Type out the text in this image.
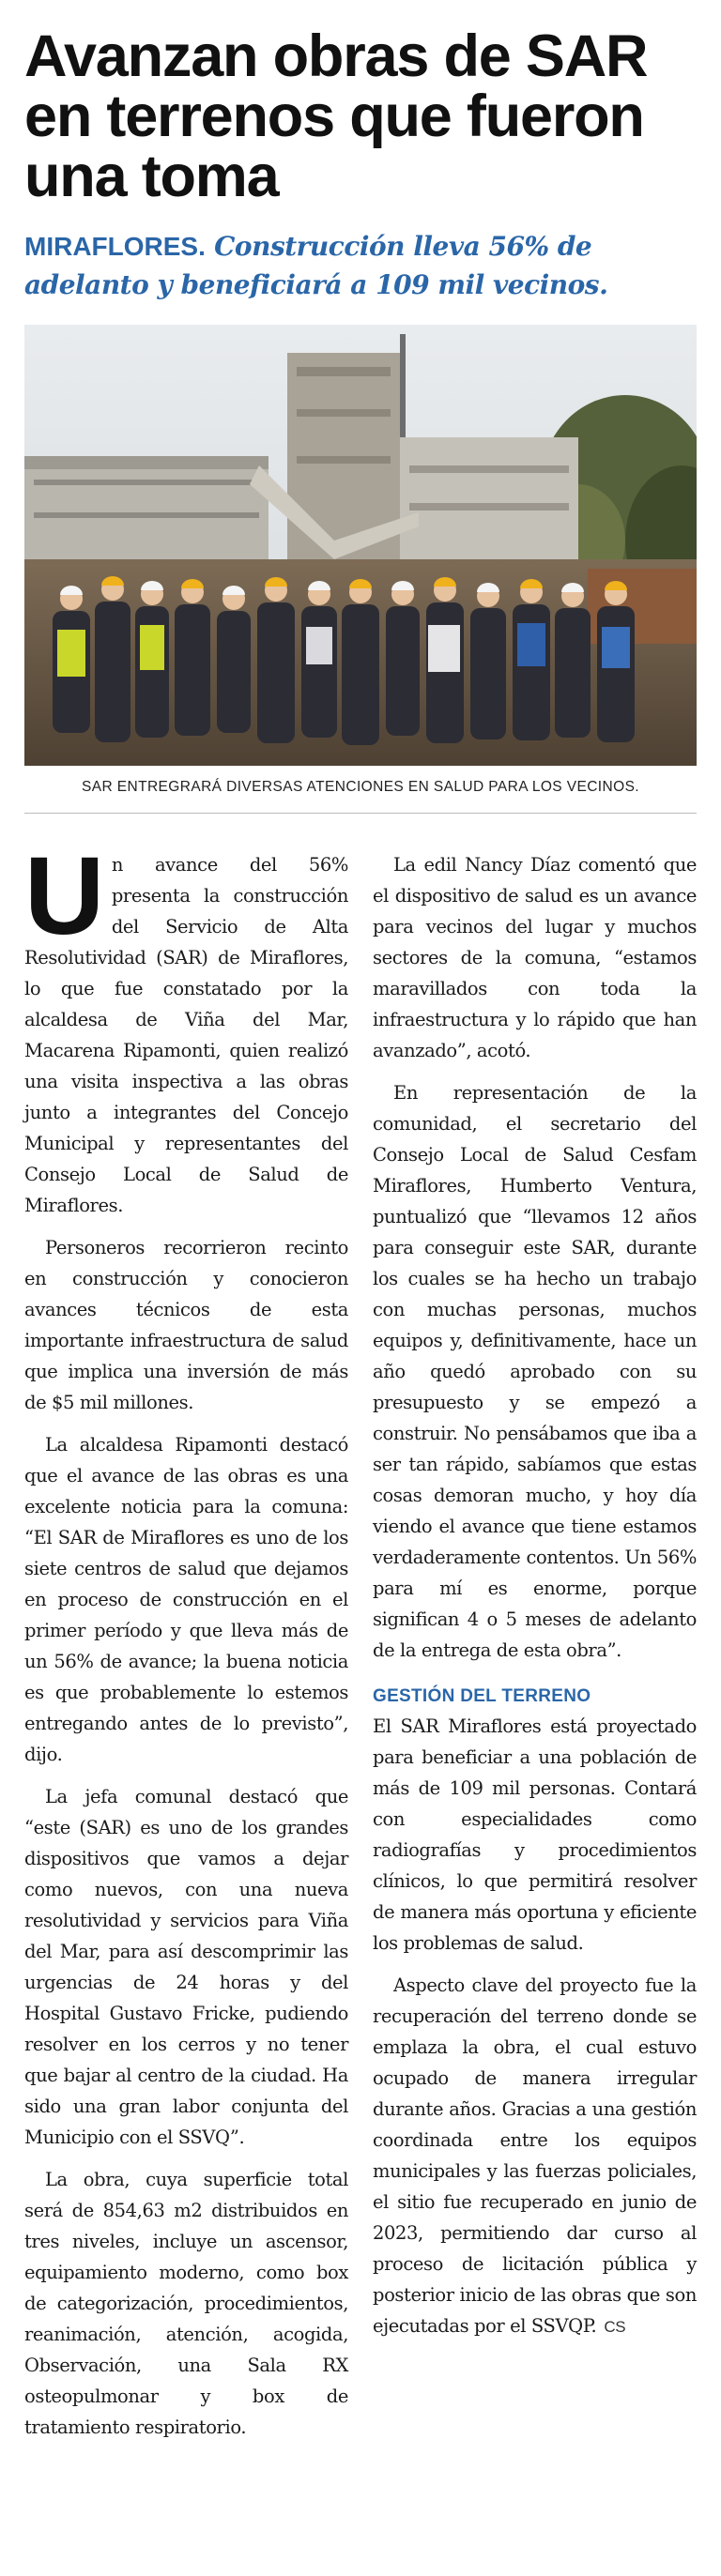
Avanzan obras de SAR en terrenos que fueron una toma
MIRAFLORES. Construcción lleva 56% de adelanto y beneficiará a 109 mil vecinos.
SAR ENTREGRARÁ DIVERSAS ATENCIONES EN SALUD PARA LOS VECINOS.

Un avance del 56% presenta la construcción del Servicio de Alta Resolutividad (SAR) de Miraflores, lo que fue constatado por la alcaldesa de Viña del Mar, Macarena Ripamonti, quien realizó una visita inspectiva a las obras junto a integrantes del Concejo Municipal y representantes del Consejo Local de Salud de Miraflores.

Personeros recorrieron recinto en construcción y conocieron avances técnicos de esta importante infraestructura de salud que implica una inversión de más de $5 mil millones.

La alcaldesa Ripamonti destacó que el avance de las obras es una excelente noticia para la comuna: “El SAR de Miraflores es uno de los siete centros de salud que dejamos en proceso de construcción en el primer período y que lleva más de un 56% de avance; la buena noticia es que probablemente lo estemos entregando antes de lo previsto”, dijo.

La jefa comunal destacó que “este (SAR) es uno de los grandes dispositivos que vamos a dejar como nuevos, con una nueva resolutividad y servicios para Viña del Mar, para así descomprimir las urgencias de 24 horas y del Hospital Gustavo Fricke, pudiendo resolver en los cerros y no tener que bajar al centro de la ciudad. Ha sido una gran labor conjunta del Municipio con el SSVQ”.

La obra, cuya superficie total será de 854,63 m2 distribuidos en tres niveles, incluye un ascensor, equipamiento moderno, como box de categorización, procedimientos, reanimación, atención, acogida, Observación, una Sala RX osteopulmonar y box de tratamiento respiratorio.

La edil Nancy Díaz comentó que el dispositivo de salud es un avance para vecinos del lugar y muchos sectores de la comuna, “estamos maravillados con toda la infraestructura y lo rápido que han avanzado”, acotó.

En representación de la comunidad, el secretario del Consejo Local de Salud Cesfam Miraflores, Humberto Ventura, puntualizó que “llevamos 12 años para conseguir este SAR, durante los cuales se ha hecho un trabajo con muchas personas, muchos equipos y, definitivamente, hace un año quedó aprobado con su presupuesto y se empezó a construir. No pensábamos que iba a ser tan rápido, sabíamos que estas cosas demoran mucho, y hoy día viendo el avance que tiene estamos verdaderamente contentos. Un 56% para mí es enorme, porque significan 4 o 5 meses de adelanto de la entrega de esta obra”.

GESTIÓN DEL TERRENO

El SAR Miraflores está proyectado para beneficiar a una población de más de 109 mil personas. Contará con especialidades como radiografías y procedimientos clínicos, lo que permitirá resolver de manera más oportuna y eficiente los problemas de salud.

Aspecto clave del proyecto fue la recuperación del terreno donde se emplaza la obra, el cual estuvo ocupado de manera irregular durante años. Gracias a una gestión coordinada entre los equipos municipales y las fuerzas policiales, el sitio fue recuperado en junio de 2023, permitiendo dar curso al proceso de licitación pública y posterior inicio de las obras que son ejecutadas por el SSVQP. CS
